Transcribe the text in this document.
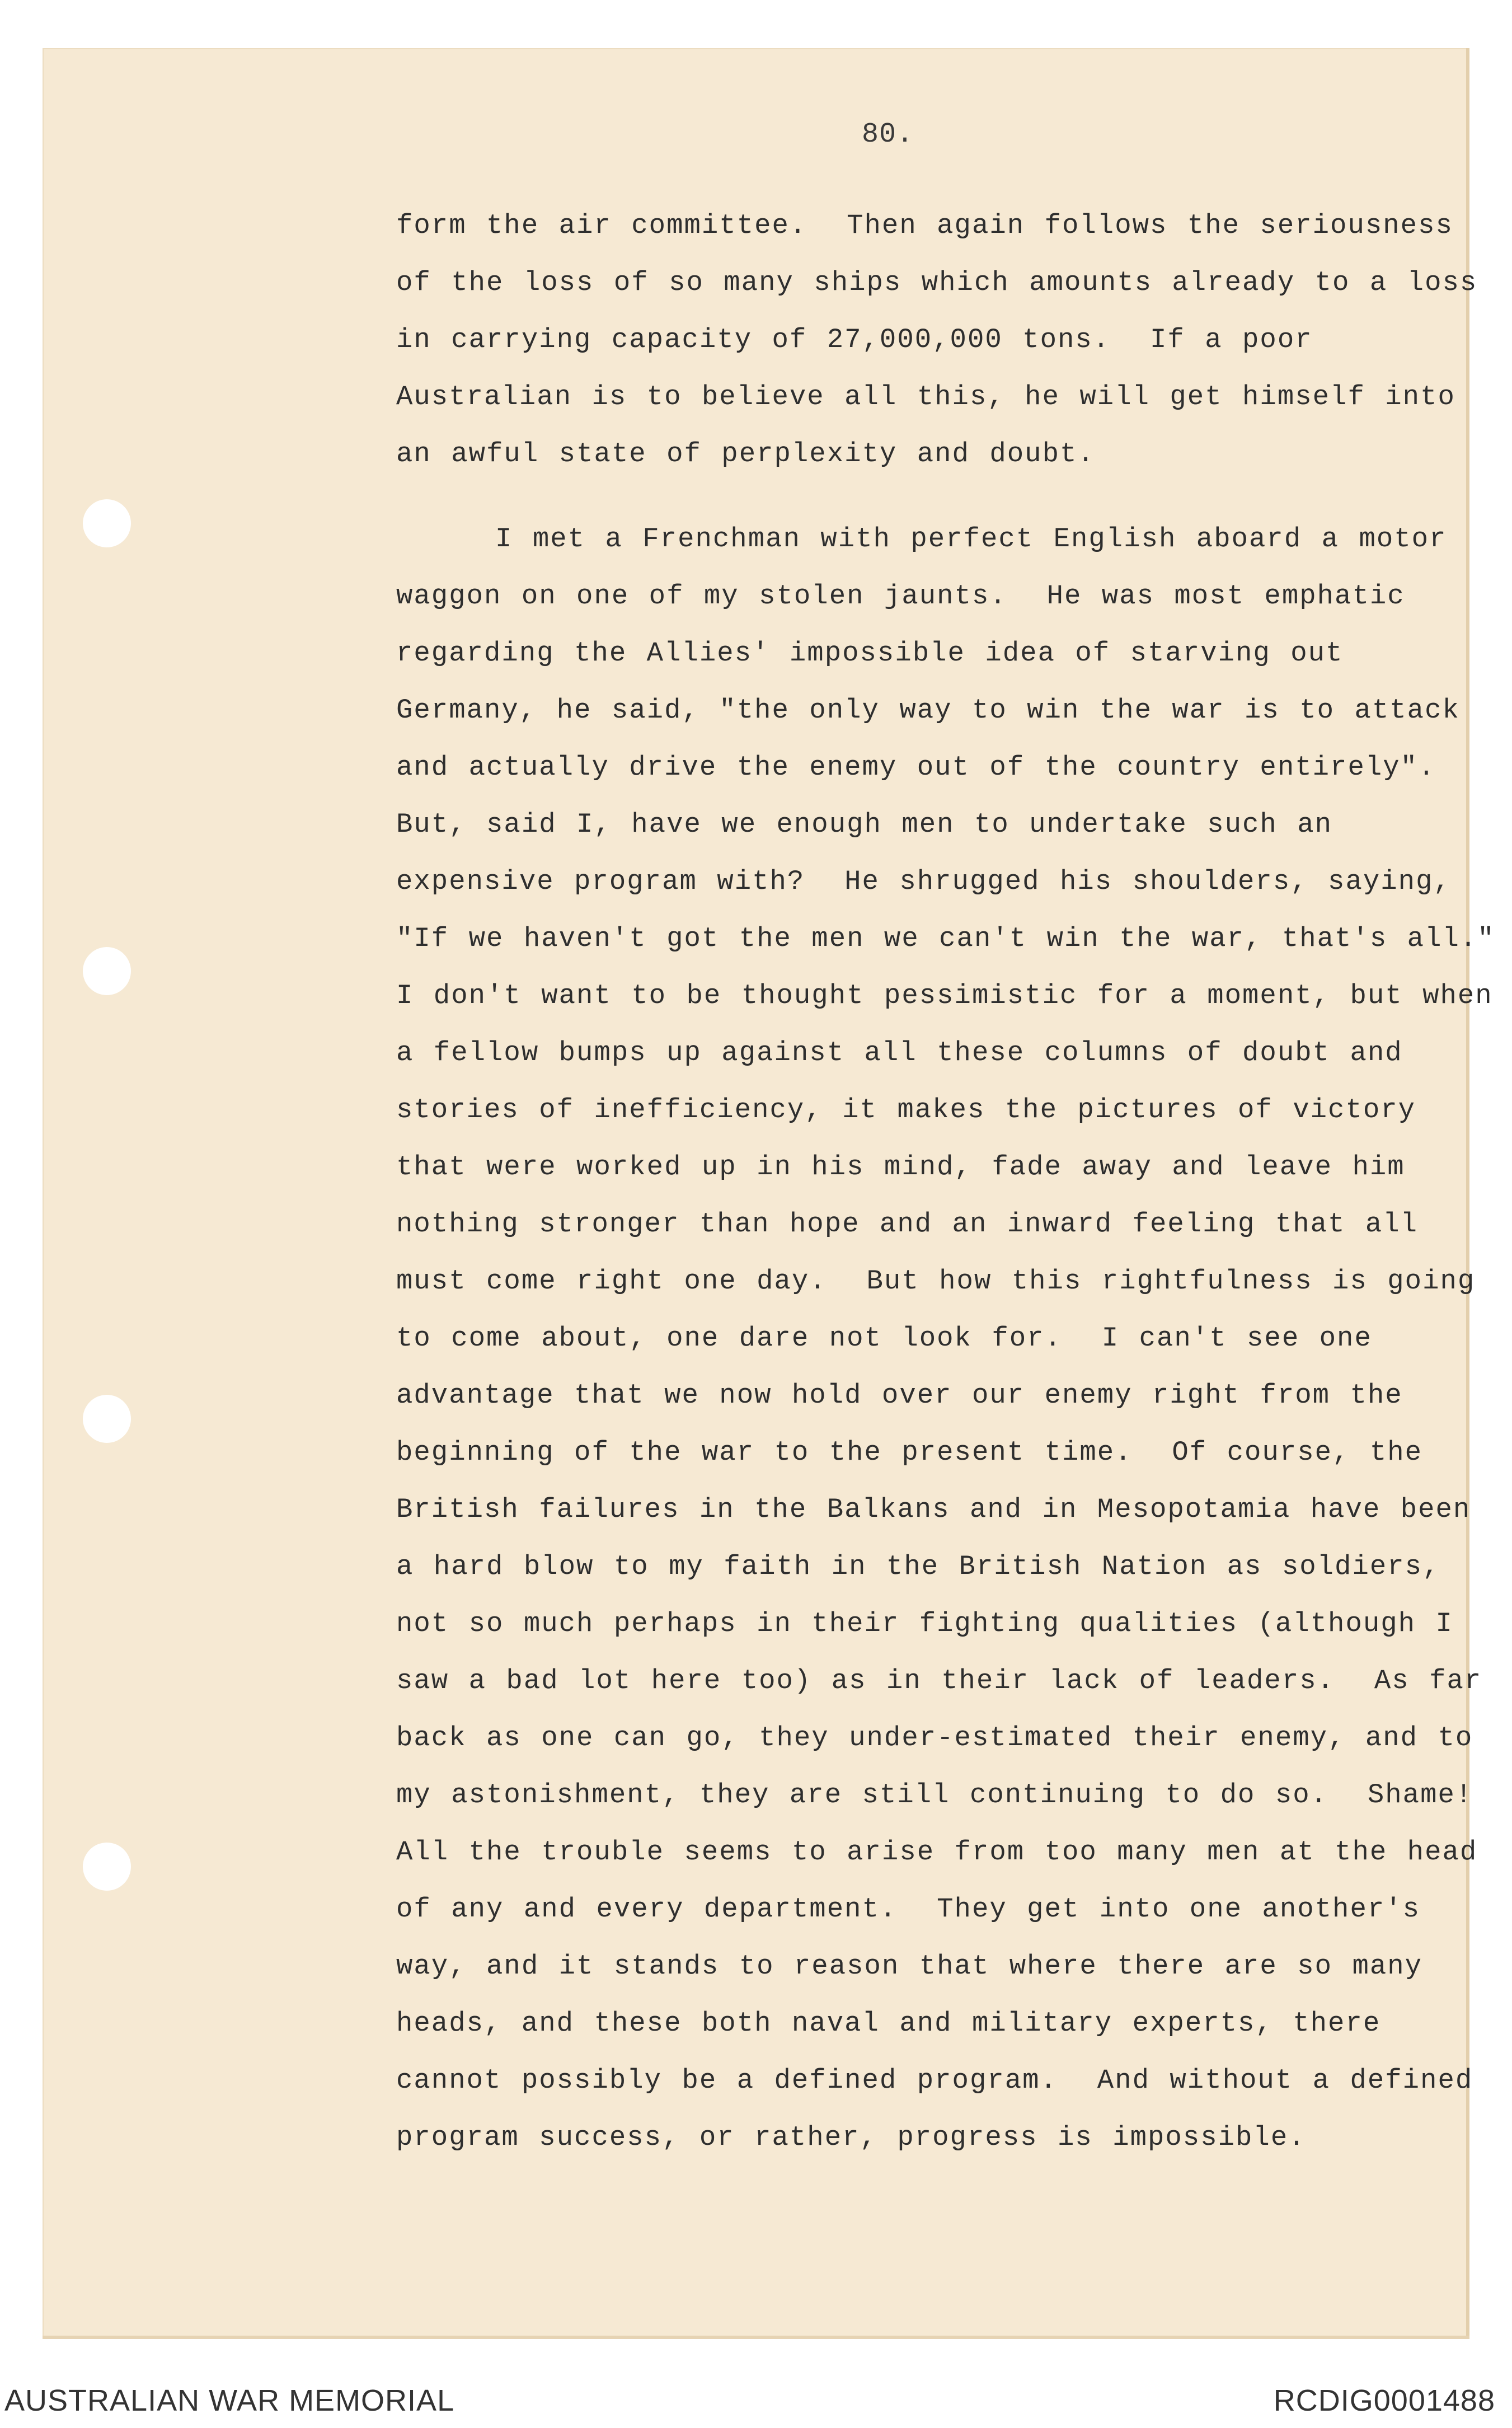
80.
form the air committee.  Then again follows the seriousness
of the loss of so many ships which amounts already to a loss
in carrying capacity of 27,000,000 tons.  If a poor
Australian is to believe all this, he will get himself into
an awful state of perplexity and doubt.
I met a Frenchman with perfect English aboard a motor
waggon on one of my stolen jaunts.  He was most emphatic
regarding the Allies' impossible idea of starving out
Germany, he said, "the only way to win the war is to attack
and actually drive the enemy out of the country entirely".
But, said I, have we enough men to undertake such an
expensive program with?  He shrugged his shoulders, saying,
"If we haven't got the men we can't win the war, that's all."
I don't want to be thought pessimistic for a moment, but when
a fellow bumps up against all these columns of doubt and
stories of inefficiency, it makes the pictures of victory
that were worked up in his mind, fade away and leave him
nothing stronger than hope and an inward feeling that all
must come right one day.  But how this rightfulness is going
to come about, one dare not look for.  I can't see one
advantage that we now hold over our enemy right from the
beginning of the war to the present time.  Of course, the
British failures in the Balkans and in Mesopotamia have been
a hard blow to my faith in the British Nation as soldiers,
not so much perhaps in their fighting qualities (although I
saw a bad lot here too) as in their lack of leaders.  As far
back as one can go, they under-estimated their enemy, and to
my astonishment, they are still continuing to do so.  Shame!
All the trouble seems to arise from too many men at the head
of any and every department.  They get into one another's
way, and it stands to reason that where there are so many
heads, and these both naval and military experts, there
cannot possibly be a defined program.  And without a defined
program success, or rather, progress is impossible.
AUSTRALIAN WAR MEMORIAL	RCDIG0001488
